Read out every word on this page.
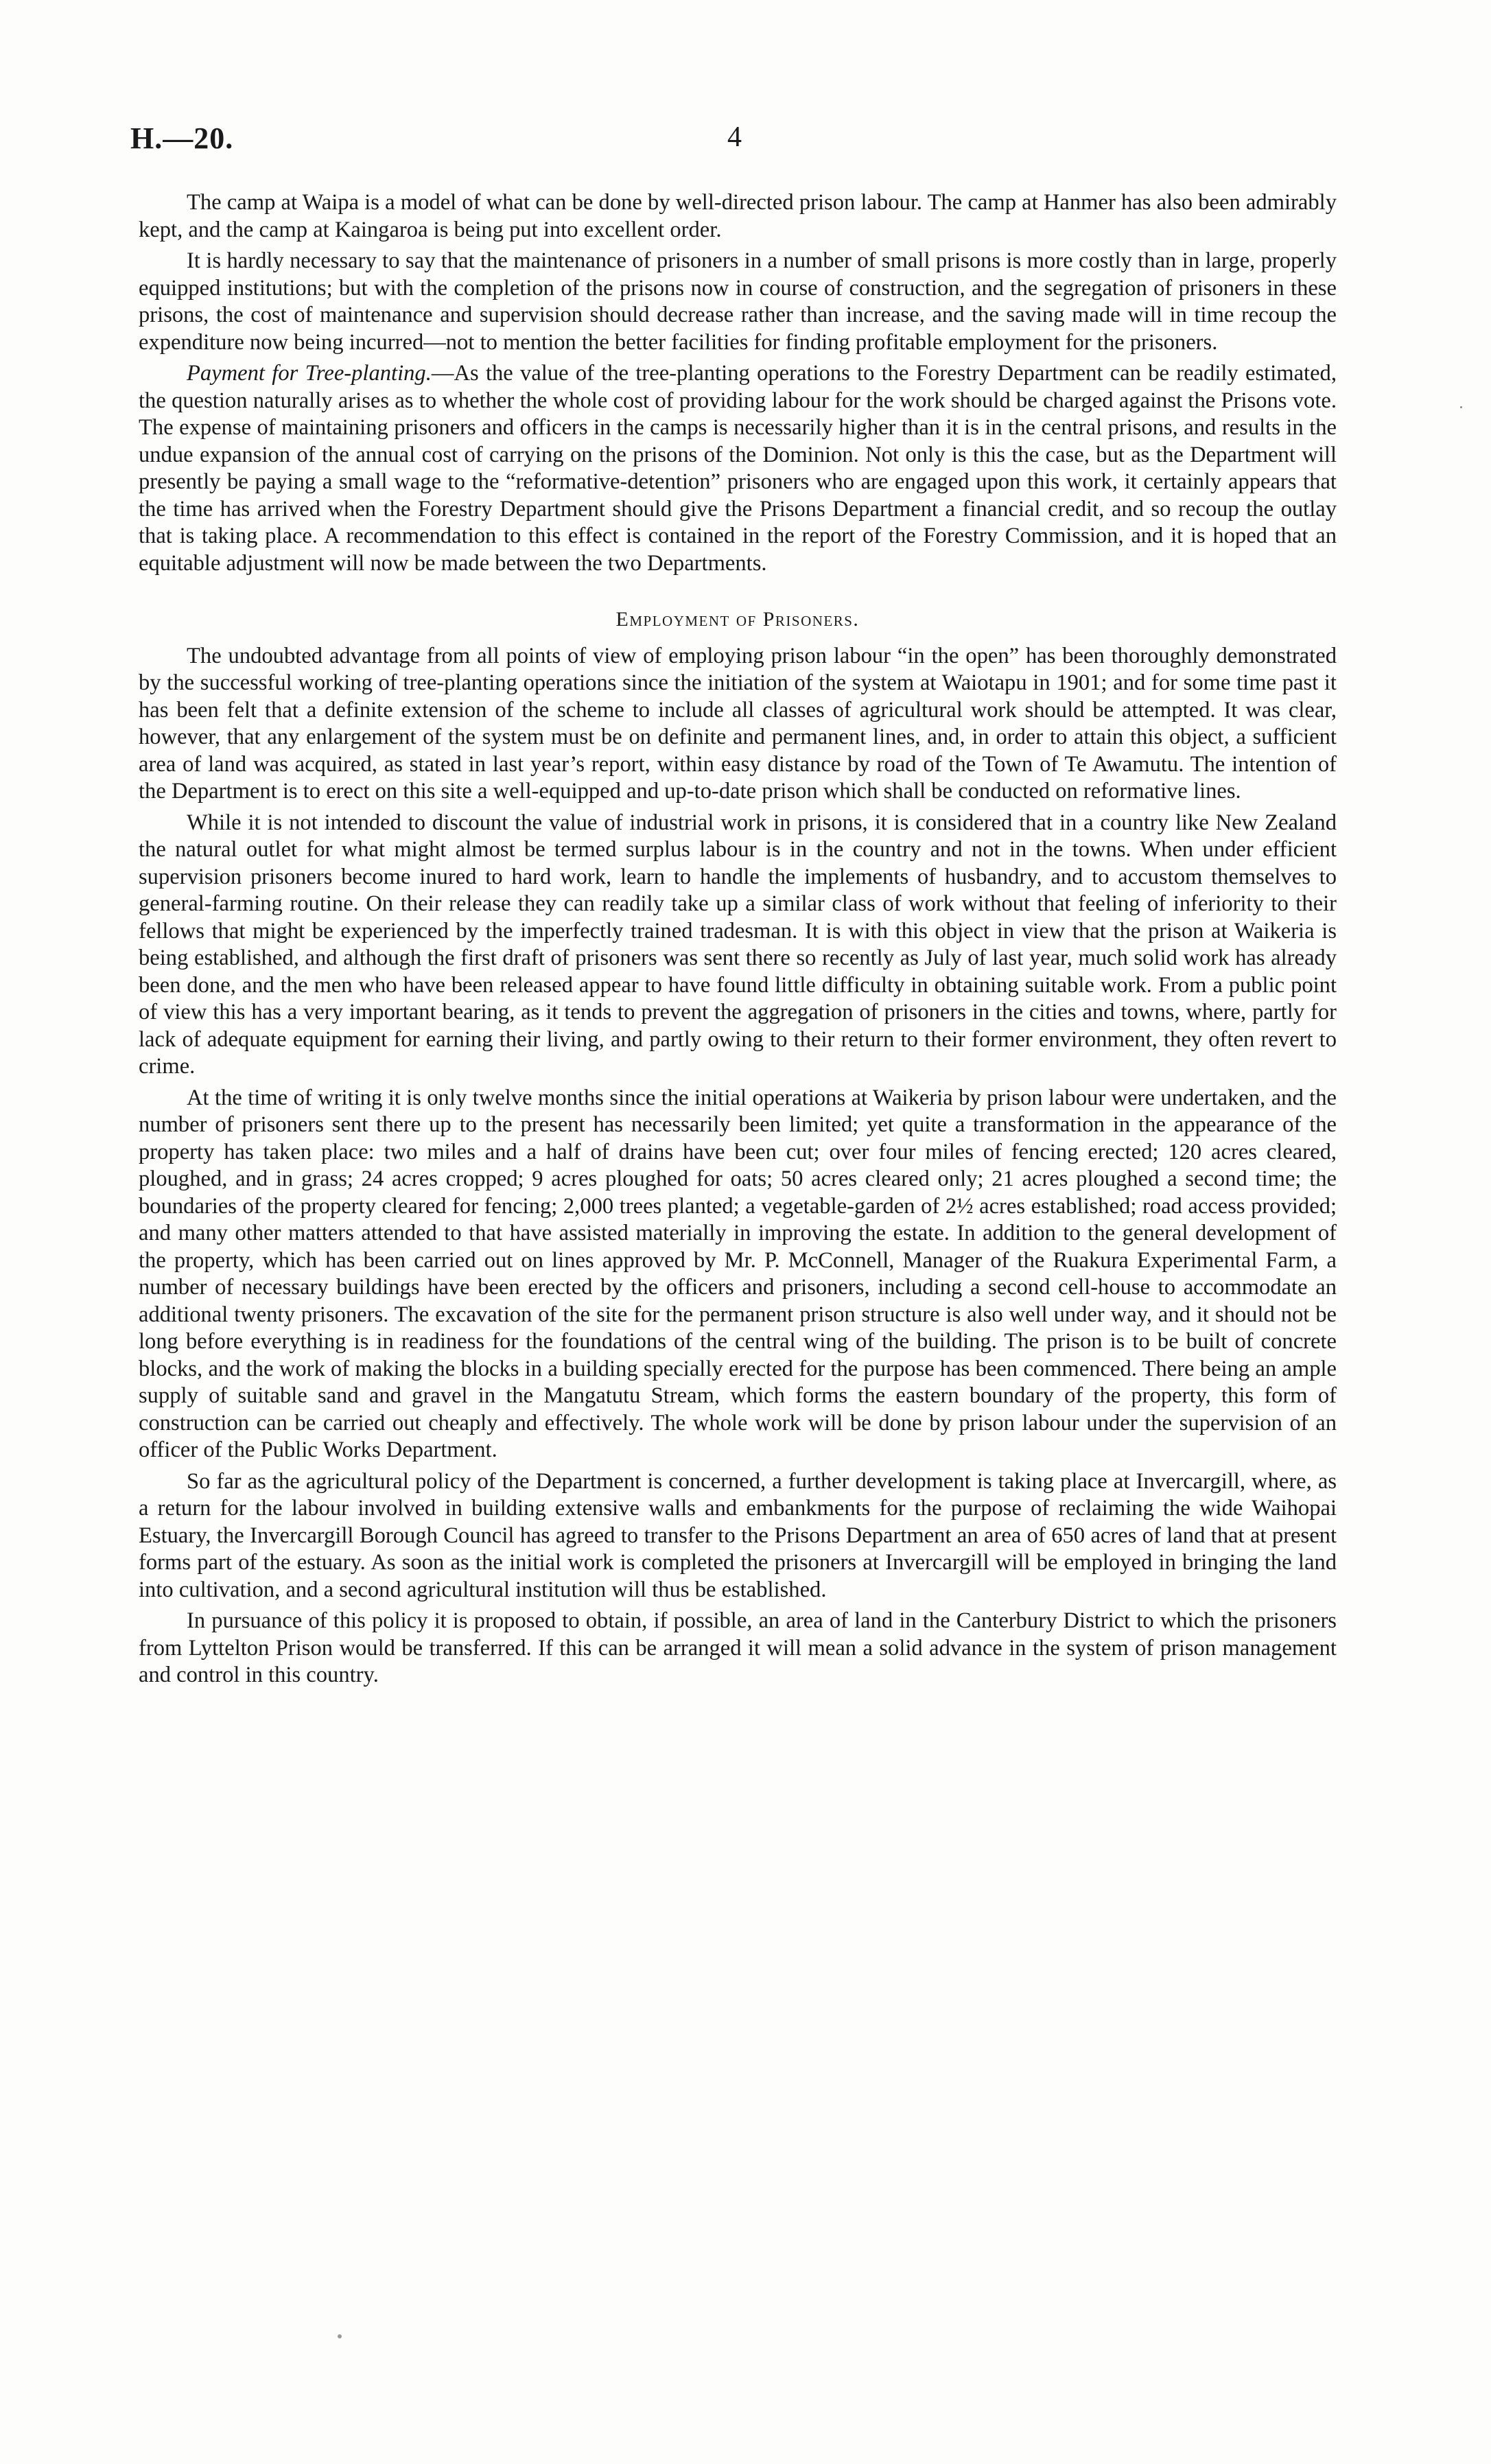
H.—20.	4

The camp at Waipa is a model of what can be done by well-directed prison labour. The camp at Hanmer has also been admirably kept, and the camp at Kaingaroa is being put into excellent order.

It is hardly necessary to say that the maintenance of prisoners in a number of small prisons is more costly than in large, properly equipped institutions; but with the completion of the prisons now in course of construction, and the segregation of prisoners in these prisons, the cost of maintenance and supervision should decrease rather than increase, and the saving made will in time recoup the expenditure now being incurred—not to mention the better facilities for finding profitable employment for the prisoners.

Payment for Tree-planting.—As the value of the tree-planting operations to the Forestry Department can be readily estimated, the question naturally arises as to whether the whole cost of providing labour for the work should be charged against the Prisons vote. The expense of maintaining prisoners and officers in the camps is necessarily higher than it is in the central prisons, and results in the undue expansion of the annual cost of carrying on the prisons of the Dominion. Not only is this the case, but as the Department will presently be paying a small wage to the “reformative-detention” prisoners who are engaged upon this work, it certainly appears that the time has arrived when the Forestry Department should give the Prisons Department a financial credit, and so recoup the outlay that is taking place. A recommendation to this effect is contained in the report of the Forestry Commission, and it is hoped that an equitable adjustment will now be made between the two Departments.

Employment of Prisoners.

The undoubted advantage from all points of view of employing prison labour “in the open” has been thoroughly demonstrated by the successful working of tree-planting operations since the initiation of the system at Waiotapu in 1901; and for some time past it has been felt that a definite extension of the scheme to include all classes of agricultural work should be attempted. It was clear, however, that any enlargement of the system must be on definite and permanent lines, and, in order to attain this object, a sufficient area of land was acquired, as stated in last year’s report, within easy distance by road of the Town of Te Awamutu. The intention of the Department is to erect on this site a well-equipped and up-to-date prison which shall be conducted on reformative lines.

While it is not intended to discount the value of industrial work in prisons, it is considered that in a country like New Zealand the natural outlet for what might almost be termed surplus labour is in the country and not in the towns. When under efficient supervision prisoners become inured to hard work, learn to handle the implements of husbandry, and to accustom themselves to general-farming routine. On their release they can readily take up a similar class of work without that feeling of inferiority to their fellows that might be experienced by the imperfectly trained tradesman. It is with this object in view that the prison at Waikeria is being established, and although the first draft of prisoners was sent there so recently as July of last year, much solid work has already been done, and the men who have been released appear to have found little difficulty in obtaining suitable work. From a public point of view this has a very important bearing, as it tends to prevent the aggregation of prisoners in the cities and towns, where, partly for lack of adequate equipment for earning their living, and partly owing to their return to their former environment, they often revert to crime.

At the time of writing it is only twelve months since the initial operations at Waikeria by prison labour were undertaken, and the number of prisoners sent there up to the present has necessarily been limited; yet quite a transformation in the appearance of the property has taken place: two miles and a half of drains have been cut; over four miles of fencing erected; 120 acres cleared, ploughed, and in grass; 24 acres cropped; 9 acres ploughed for oats; 50 acres cleared only; 21 acres ploughed a second time; the boundaries of the property cleared for fencing; 2,000 trees planted; a vegetable-garden of 2½ acres established; road access provided; and many other matters attended to that have assisted materially in improving the estate. In addition to the general development of the property, which has been carried out on lines approved by Mr. P. McConnell, Manager of the Ruakura Experimental Farm, a number of necessary buildings have been erected by the officers and prisoners, including a second cell-house to accommodate an additional twenty prisoners. The excavation of the site for the permanent prison structure is also well under way, and it should not be long before everything is in readiness for the foundations of the central wing of the building. The prison is to be built of concrete blocks, and the work of making the blocks in a building specially erected for the purpose has been commenced. There being an ample supply of suitable sand and gravel in the Mangatutu Stream, which forms the eastern boundary of the property, this form of construction can be carried out cheaply and effectively. The whole work will be done by prison labour under the supervision of an officer of the Public Works Department.

So far as the agricultural policy of the Department is concerned, a further development is taking place at Invercargill, where, as a return for the labour involved in building extensive walls and embankments for the purpose of reclaiming the wide Waihopai Estuary, the Invercargill Borough Council has agreed to transfer to the Prisons Department an area of 650 acres of land that at present forms part of the estuary. As soon as the initial work is completed the prisoners at Invercargill will be employed in bringing the land into cultivation, and a second agricultural institution will thus be established.

In pursuance of this policy it is proposed to obtain, if possible, an area of land in the Canterbury District to which the prisoners from Lyttelton Prison would be transferred. If this can be arranged it will mean a solid advance in the system of prison management and control in this country.
